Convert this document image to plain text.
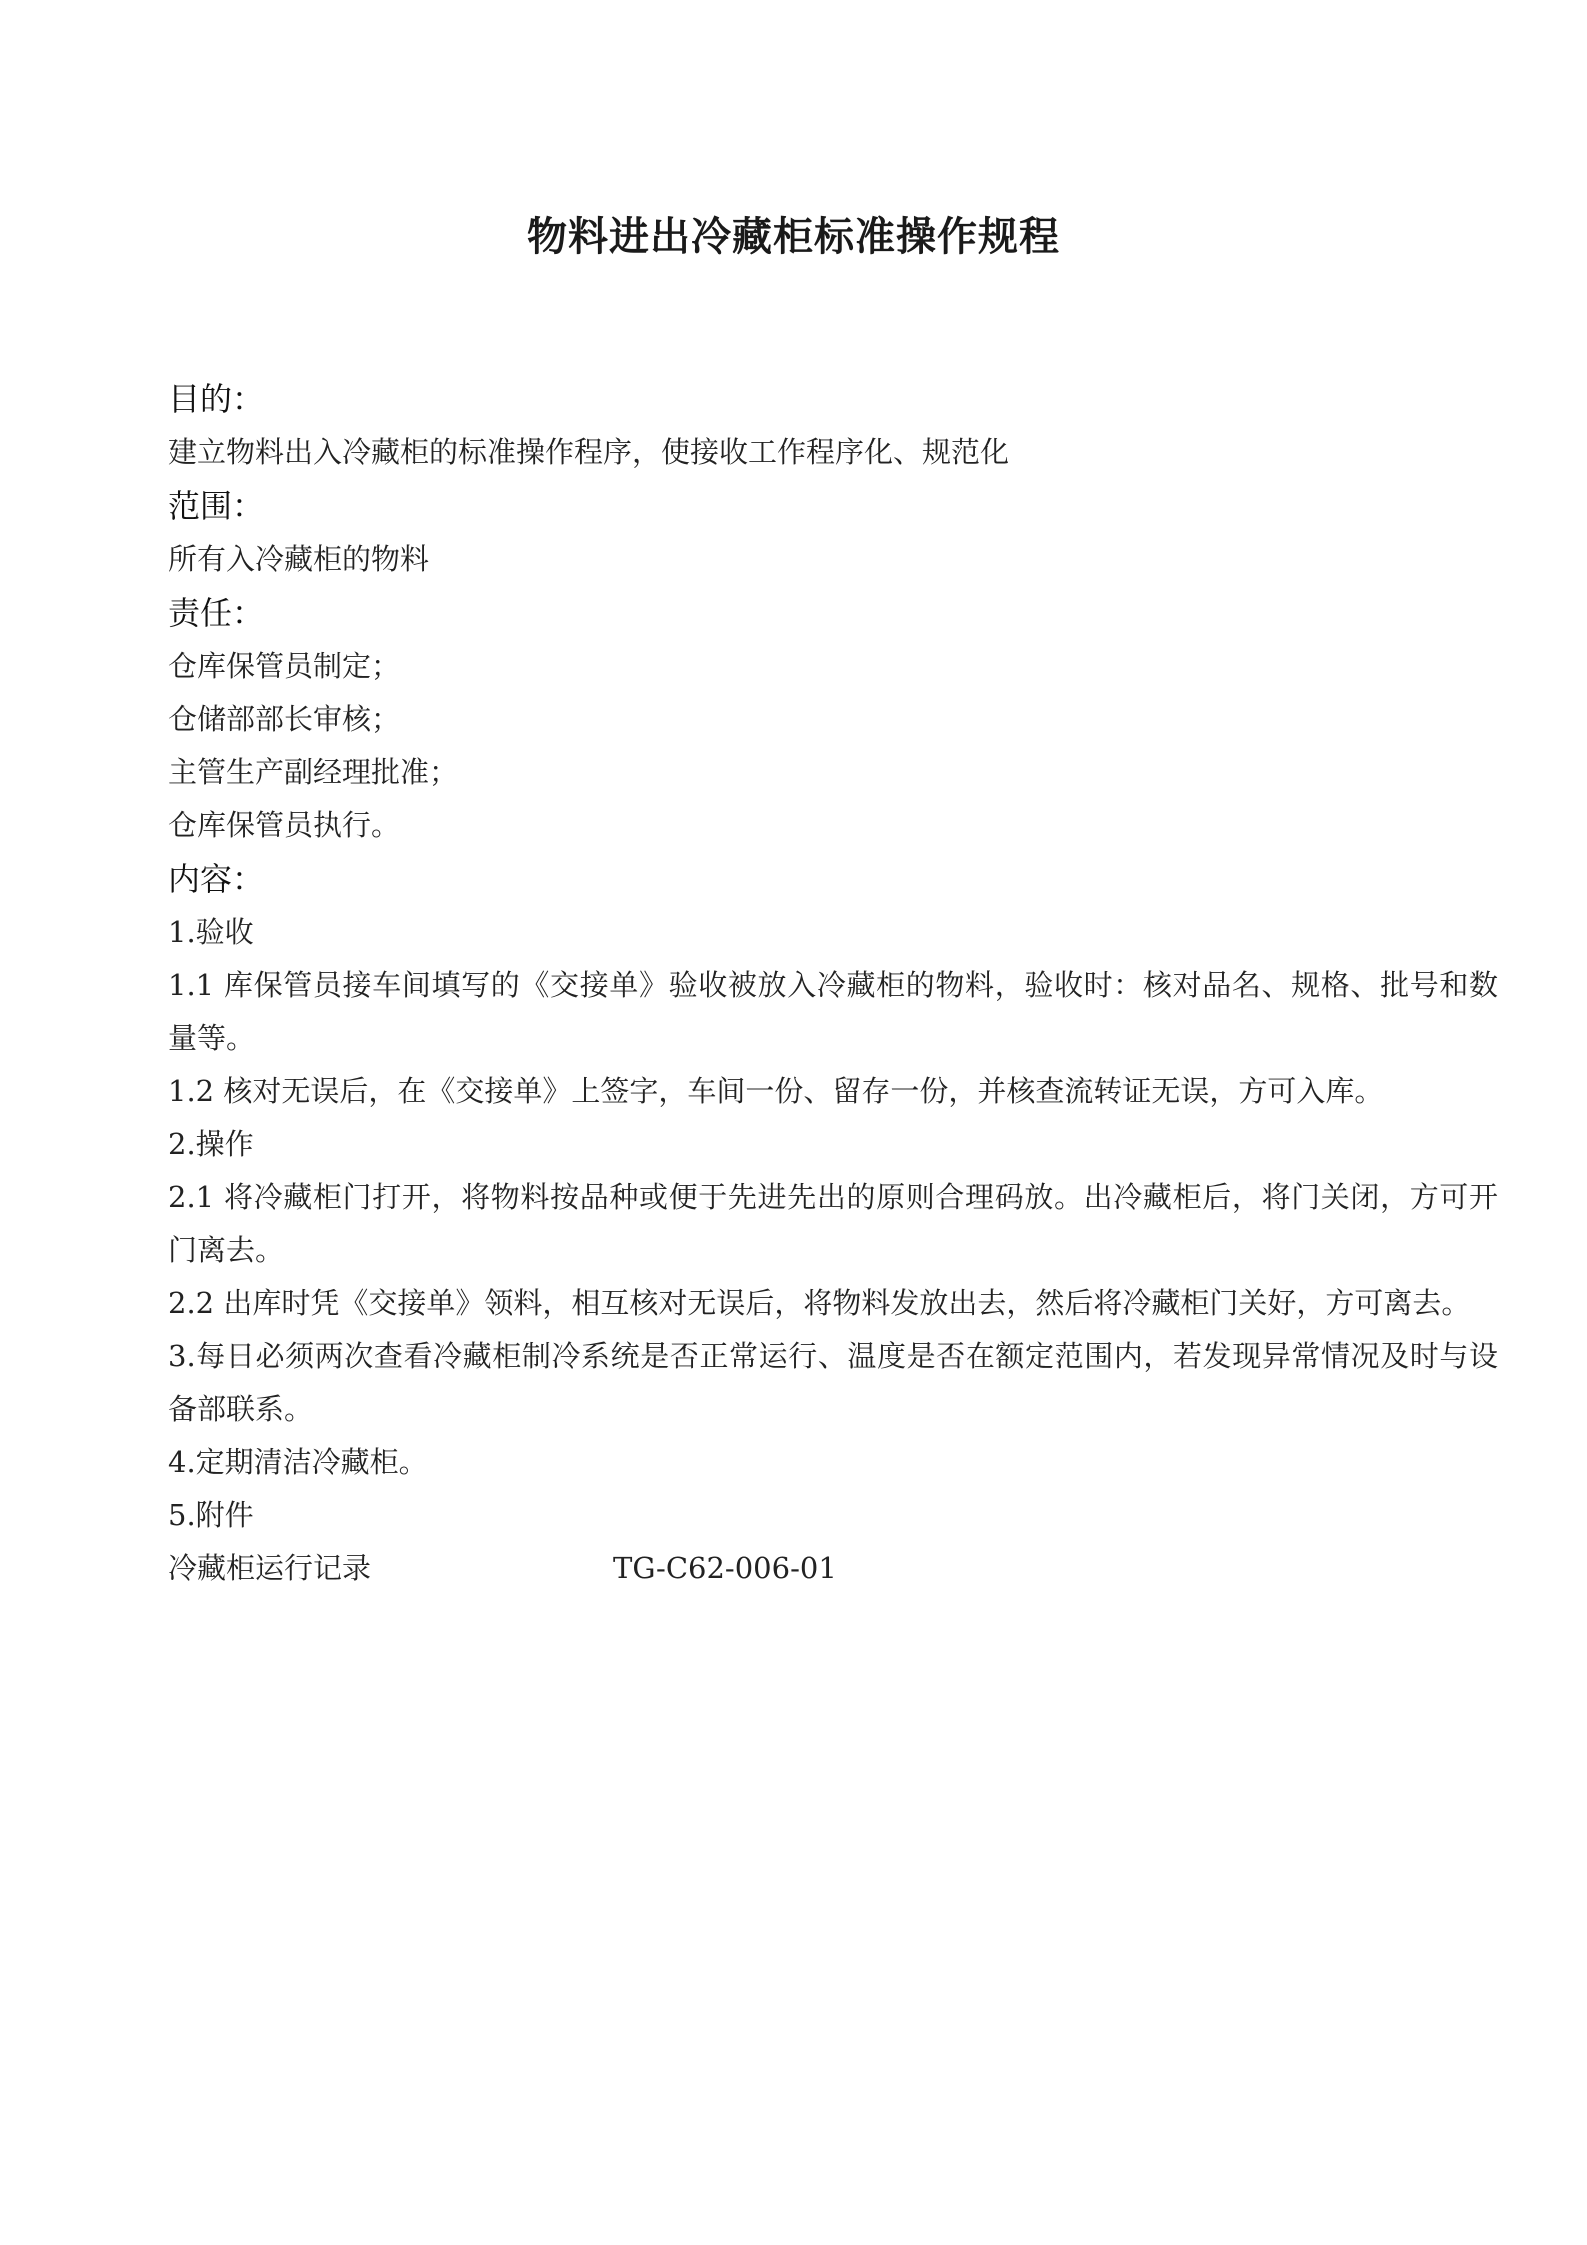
物料进出冷藏柜标准操作规程
目的：

建立物料出入冷藏柜的标准操作程序，使接收工作程序化、规范化

范围：

所有入冷藏柜的物料

责任：

仓库保管员制定；

仓储部部长审核；

主管生产副经理批准；

仓库保管员执行。

内容：

1.验收

1.1 库保管员接车间填写的《交接单》验收被放入冷藏柜的物料，验收时：核对品名、规格、批号和数量等。

1.2 核对无误后，在《交接单》上签字，车间一份、留存一份，并核查流转证无误，方可入库。

2.操作

2.1 将冷藏柜门打开，将物料按品种或便于先进先出的原则合理码放。出冷藏柜后，将门关闭，方可开门离去。

2.2 出库时凭《交接单》领料，相互核对无误后，将物料发放出去，然后将冷藏柜门关好，方可离去。

3.每日必须两次查看冷藏柜制冷系统是否正常运行、温度是否在额定范围内，若发现异常情况及时与设备部联系。

4.定期清洁冷藏柜。

5.附件

冷藏柜运行记录	TG-C62-006-01
